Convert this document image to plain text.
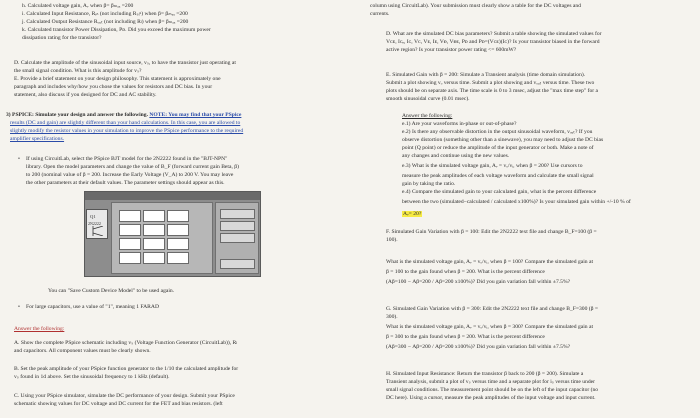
h. Calculated voltage gain, Aᵥ when β= βₘₐₓ =200
i. Calculated Input Resistance, Rᵢₙ (not including Rₛᵢᵍ) when β= βₘₐₓ =200
j. Calculated Output Resistance Rₒᵤₜ (not including Rₗ) when β= βₘₐₓ =200
k. Calculated transistor Power Dissipation, Pᴅ. Did you exceed the maximum power
dissipation rating for the transistor?
D. Calculate the amplitude of the sinusoidal input source, vₛ, to have the transistor just operating at
the small signal condition. What is this amplitude for vₛ?
E. Provide a brief statement on your design philosophy. This statement is approximately one
paragraph and includes why/how you chose the values for resistors and DC bias. In your
statement, also discuss if you designed for DC and AC stability.
3) PSPICE: Simulate your design and answer the following. NOTE: You may find that your PSpice
results (DC and gain) are slightly different than your hand calculations. In this case, you are allowed to
slightly modify the resistor values in your simulation to improve the PSpice performance to the required
amplifier specifications.
• If using CircuitLab, select the PSpice BJT model for the 2N2222 found in the "BJT-NPN"
library. Open the model parameters and change the value of B_F (forward current gain Beta, β)
to 200 (nominal value of β = 200. Increase the Early Voltage (V_A) to 200 V. You may leave
the other parameters at their default values. The parameter settings should appear as this.
Q1
2N2222
You can "Save Custom Device Model" to be used again.
• For large capacitors, use a value of "1", meaning 1 FARAD
Answer the following:
A. Show the complete PSpice schematic including vₛ (Voltage Function Generator (CircuitLab)), Rₗ
and capacitors. All component values must be clearly shown.
B. Set the peak amplitude of your PSpice function generator to the 1/10 the calculated amplitude for
vₛ found in 1d above. Set the sinusoidal frequency to 1 kHz (default).
C. Using your PSpice simulator, simulate the DC performance of your design. Submit your PSpice
schematic showing values for DC voltage and DC current for the FET and bias resistors. (left
column using CircuitLab). Your submission must clearly show a table for the DC voltages and
currents.
D. What are the simulated DC bias parameters? Submit a table showing the simulated values for
Vᴄᴇ, Iᴄₑ, Iᴄ, Vᴄ, Vᴇ, Iᴇ, Vᴆ, Vᴆᴇ, Pᴅ and Pᴅ=(Vᴄᴇ)(Iᴄ)? Is your transistor biased in the forward
active region? Is your transistor power rating <= 600mW?
E. Simulated Gain with β = 200: Simulate a Transient analysis (time domain simulation).
Submit a plot showing vₒ versus time. Submit a plot showing and vₒᵤₜ versus time. These two
plots should be on separate axis. The time scale is 0 to 3 msec, adjust the "max time step" for a
smooth sinusoidal curve (0.01 msec).
Answer the following:
e.1) Are your waveforms in-phase or out-of-phase?
e.2) Is there any observable distortion in the output sinusoidal waveform, vₒᵤₜ? If you
observe distortion (something other than a sinewave), you may need to adjust the DC bias
point (Q point) or reduce the amplitude of the input generator or both. Make a note of
any changes and continue using the new values.
e.3) What is the simulated voltage gain, Aᵥ = vₒ/vᵢ, when β = 200? Use cursors to
measure the peak amplitudes of each voltage waveform and calculate the small signal
gain by taking the ratio.
e.4) Compare the simulated gain to your calculated gain, what is the percent difference
between the two (simulated−calculated / calculated x100%)? Is your simulated gain within +/-10 % of
Aᵥ= 20?
F. Simulated Gain Variation with β = 100: Edit the 2N2222 text file and change B_F=100 (β =
100).
What is the simulated voltage gain, Aᵥ = vₒ/vᵢ, when β = 100? Compare the simulated gain at
β = 100 to the gain found when β = 200. What is the percent difference
(Aβ=100 − Aβ=200 / Aβ=200 x100%)? Did you gain variation fall within ±7.5%?
G. Simulated Gain Variation with β = 300: Edit the 2N2222 text file and change B_F=300 (β =
300).
What is the simulated voltage gain, Aᵥ = vₒ/vᵢ, when β = 300? Compare the simulated gain at
β = 300 to the gain found when β = 200. What is the percent difference
(Aβ=300 − Aβ=200 / Aβ=200 x100%)? Did you gain variation fall within ±7.5%?
H. Simulated Input Resistance: Return the transistor β back to 200 (β = 200). Simulate a
Transient analysis, submit a plot of vₛ versus time and a separate plot for iₛ versus time under
small signal conditions. The measurement point should be on the left of the input capacitor (no
DC here). Using a cursor, measure the peak amplitudes of the input voltage and input current.
